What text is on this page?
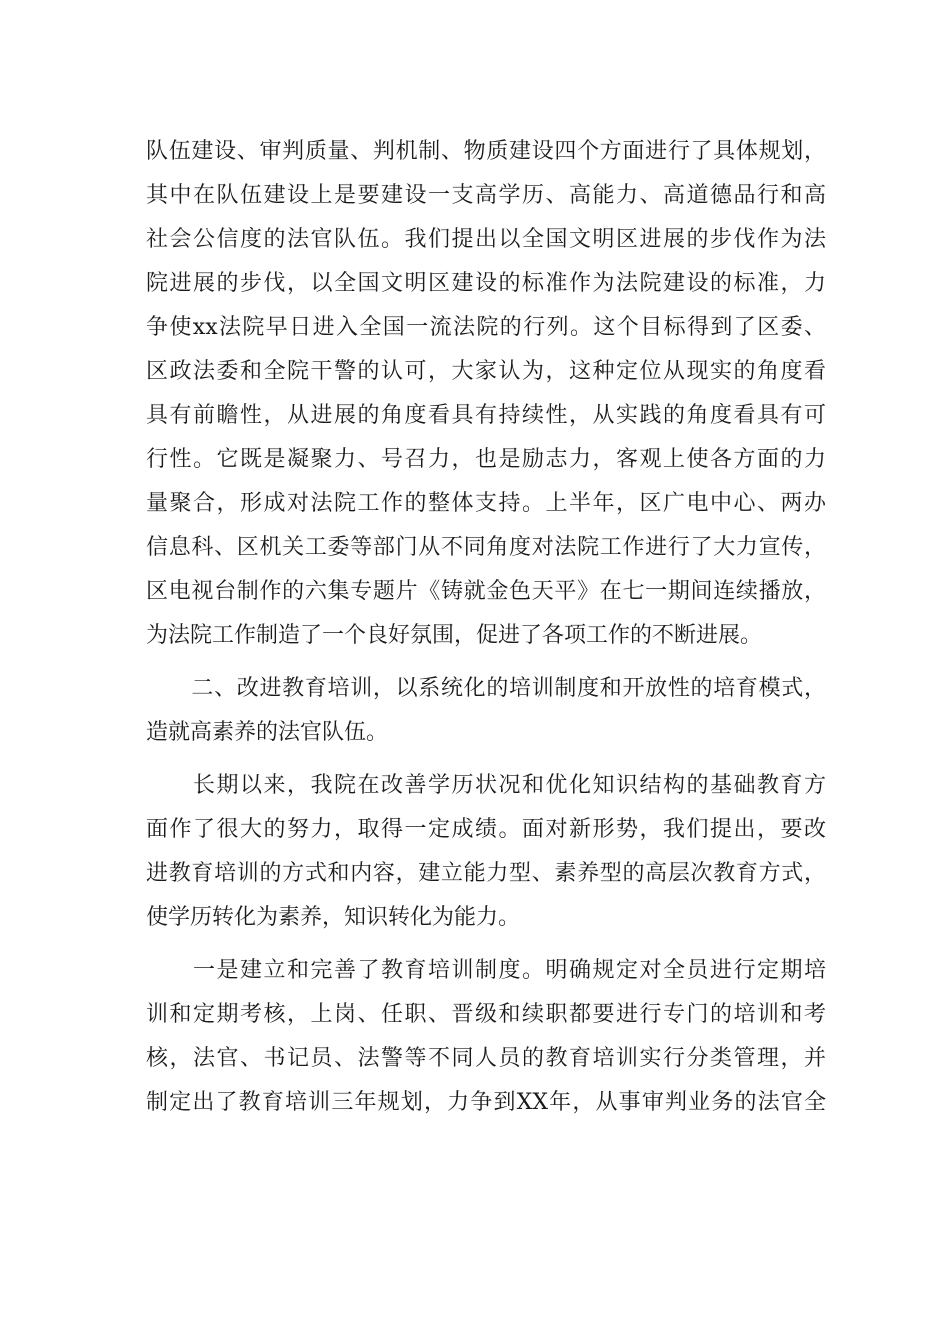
队伍建设、审判质量、判机制、物质建设四个方面进行了具体规划，
其中在队伍建设上是要建设一支高学历、高能力、高道德品行和高
社会公信度的法官队伍。我们提出以全国文明区进展的步伐作为法
院进展的步伐，以全国文明区建设的标准作为法院建设的标准，力
争使xx法院早日进入全国一流法院的行列。这个目标得到了区委、
区政法委和全院干警的认可，大家认为，这种定位从现实的角度看
具有前瞻性，从进展的角度看具有持续性，从实践的角度看具有可
行性。它既是凝聚力、号召力，也是励志力，客观上使各方面的力
量聚合，形成对法院工作的整体支持。上半年，区广电中心、两办
信息科、区机关工委等部门从不同角度对法院工作进行了大力宣传，
区电视台制作的六集专题片《铸就金色天平》在七一期间连续播放，
为法院工作制造了一个良好氛围，促进了各项工作的不断进展。
　　二、改进教育培训，以系统化的培训制度和开放性的培育模式，
造就高素养的法官队伍。
　　长期以来，我院在改善学历状况和优化知识结构的基础教育方
面作了很大的努力，取得一定成绩。面对新形势，我们提出，要改
进教育培训的方式和内容，建立能力型、素养型的高层次教育方式，
使学历转化为素养，知识转化为能力。
　　一是建立和完善了教育培训制度。明确规定对全员进行定期培
训和定期考核，上岗、任职、晋级和续职都要进行专门的培训和考
核，法官、书记员、法警等不同人员的教育培训实行分类管理，并
制定出了教育培训三年规划，力争到XX年，从事审判业务的法官全
